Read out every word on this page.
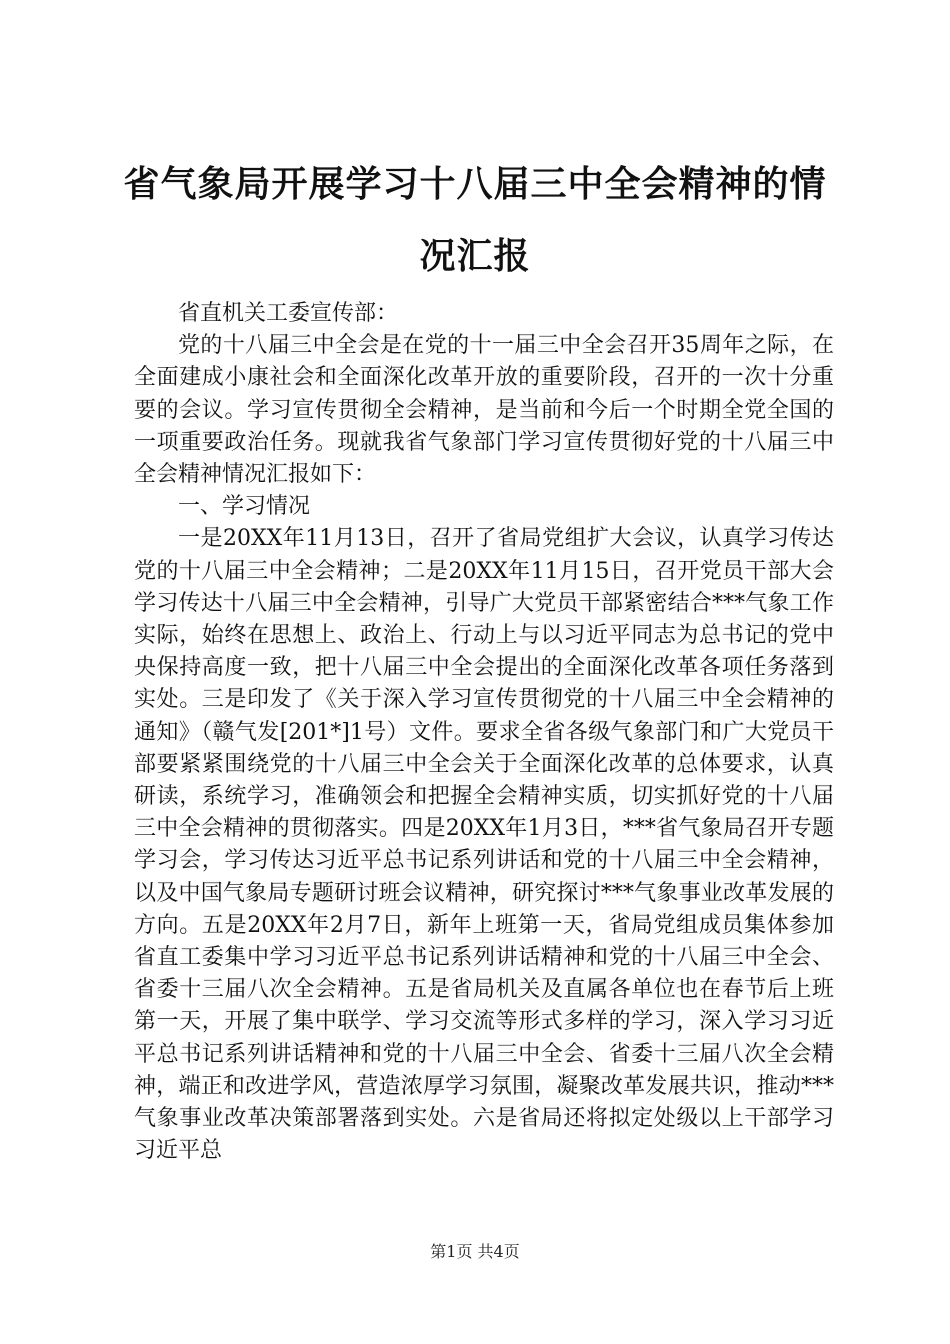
省气象局开展学习十八届三中全会精神的情况汇报

省直机关工委宣传部：

党的十八届三中全会是在党的十一届三中全会召开35周年之际，在全面建成小康社会和全面深化改革开放的重要阶段，召开的一次十分重要的会议。学习宣传贯彻全会精神，是当前和今后一个时期全党全国的一项重要政治任务。现就我省气象部门学习宣传贯彻好党的十八届三中全会精神情况汇报如下：

一、学习情况

一是20XX年11月13日，召开了省局党组扩大会议，认真学习传达党的十八届三中全会精神；二是20XX年11月15日，召开党员干部大会学习传达十八届三中全会精神，引导广大党员干部紧密结合***气象工作实际，始终在思想上、政治上、行动上与以习近平同志为总书记的党中央保持高度一致，把十八届三中全会提出的全面深化改革各项任务落到实处。三是印发了《关于深入学习宣传贯彻党的十八届三中全会精神的通知》（赣气发[201*]1号）文件。要求全省各级气象部门和广大党员干部要紧紧围绕党的十八届三中全会关于全面深化改革的总体要求，认真研读，系统学习，准确领会和把握全会精神实质，切实抓好党的十八届三中全会精神的贯彻落实。四是20XX年1月3日，***省气象局召开专题学习会，学习传达习近平总书记系列讲话和党的十八届三中全会精神，以及中国气象局专题研讨班会议精神，研究探讨***气象事业改革发展的方向。五是20XX年2月7日，新年上班第一天，省局党组成员集体参加省直工委集中学习习近平总书记系列讲话精神和党的十八届三中全会、省委十三届八次全会精神。五是省局机关及直属各单位也在春节后上班第一天，开展了集中联学、学习交流等形式多样的学习，深入学习习近平总书记系列讲话精神和党的十八届三中全会、省委十三届八次全会精神，端正和改进学风，营造浓厚学习氛围，凝聚改革发展共识，推动***气象事业改革决策部署落到实处。六是省局还将拟定处级以上干部学习习近平总

第1页 共4页
